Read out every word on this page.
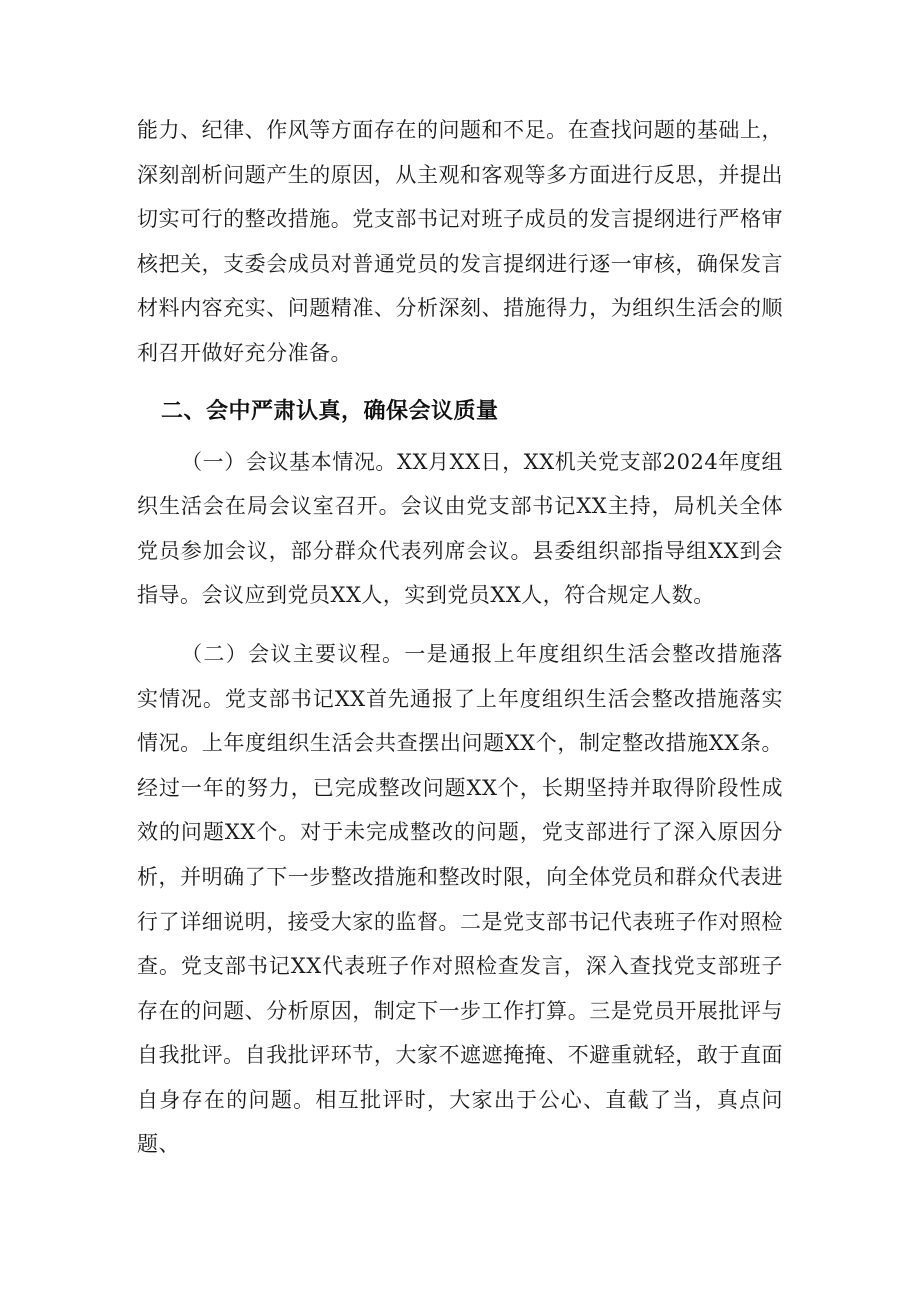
能力、纪律、作风等方面存在的问题和不足。在查找问题的基础上，深刻剖析问题产生的原因，从主观和客观等多方面进行反思，并提出切实可行的整改措施。党支部书记对班子成员的发言提纲进行严格审核把关，支委会成员对普通党员的发言提纲进行逐一审核，确保发言材料内容充实、问题精准、分析深刻、措施得力，为组织生活会的顺利召开做好充分准备。

二、会中严肃认真，确保会议质量

（一）会议基本情况。XX月XX日，XX机关党支部2024年度组织生活会在局会议室召开。会议由党支部书记XX主持，局机关全体党员参加会议，部分群众代表列席会议。县委组织部指导组XX到会指导。会议应到党员XX人，实到党员XX人，符合规定人数。

（二）会议主要议程。一是通报上年度组织生活会整改措施落实情况。党支部书记XX首先通报了上年度组织生活会整改措施落实情况。上年度组织生活会共查摆出问题XX个，制定整改措施XX条。经过一年的努力，已完成整改问题XX个，长期坚持并取得阶段性成效的问题XX个。对于未完成整改的问题，党支部进行了深入原因分析，并明确了下一步整改措施和整改时限，向全体党员和群众代表进行了详细说明，接受大家的监督。二是党支部书记代表班子作对照检查。党支部书记XX代表班子作对照检查发言，深入查找党支部班子存在的问题、分析原因，制定下一步工作打算。三是党员开展批评与自我批评。自我批评环节，大家不遮遮掩掩、不避重就轻，敢于直面自身存在的问题。相互批评时，大家出于公心、直截了当，真点问题、
